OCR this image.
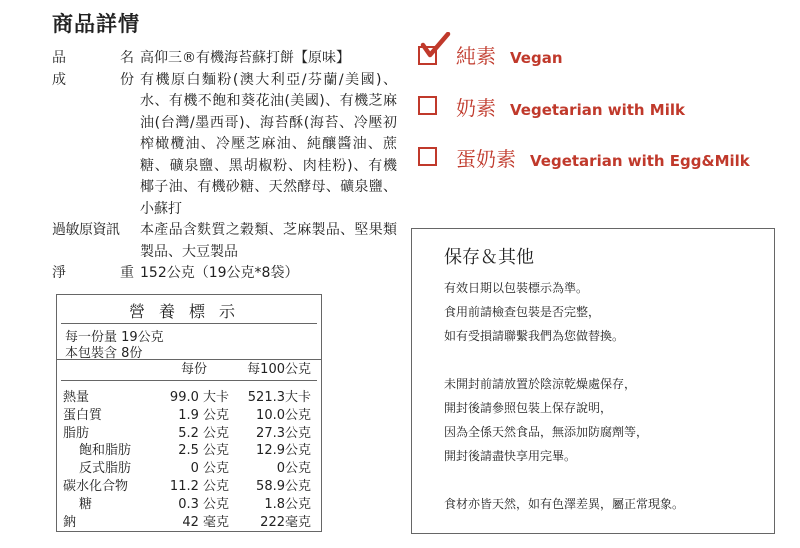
商品詳情
品	名 高仰三®有機海苔蘇打餅【原味】
成	份 有機原白麵粉(澳大利亞/芬蘭/美國)、水、有機不飽和葵花油(美國)、有機芝麻油(台灣/墨西哥)、海苔酥(海苔、冷壓初榨橄欖油、冷壓芝麻油、純釀醬油、蔗糖、礦泉鹽、黑胡椒粉、肉桂粉)、有機椰子油、有機砂糖、天然酵母、礦泉鹽、小蘇打
過敏原資訊	本產品含麩質之穀類、芝麻製品、堅果類製品、大豆製品
淨	重 152公克（19公克*8袋）
營養標示
每一份量 19公克
本包裝含 8份
每份	每100公克
熱量	99.0 大卡	521.3大卡
蛋白質	1.9 公克	10.0公克
脂肪	5.2 公克	27.3公克
飽和脂肪	2.5 公克	12.9公克
反式脂肪	0 公克	0公克
碳水化合物	11.2 公克	58.9公克
糖	0.3 公克	1.8公克
鈉	42 毫克	222毫克
純素 Vegan
奶素 Vegetarian with Milk
蛋奶素 Vegetarian with Egg&Milk
保存＆其他
有效日期以包裝標示為準。
食用前請檢查包裝是否完整，
如有受損請聯繫我們為您做替換。
未開封前請放置於陰涼乾燥處保存，
開封後請參照包裝上保存說明，
因為全係天然食品，無添加防腐劑等，
開封後請盡快享用完畢。
食材亦皆天然，如有色澤差異，屬正常現象。
